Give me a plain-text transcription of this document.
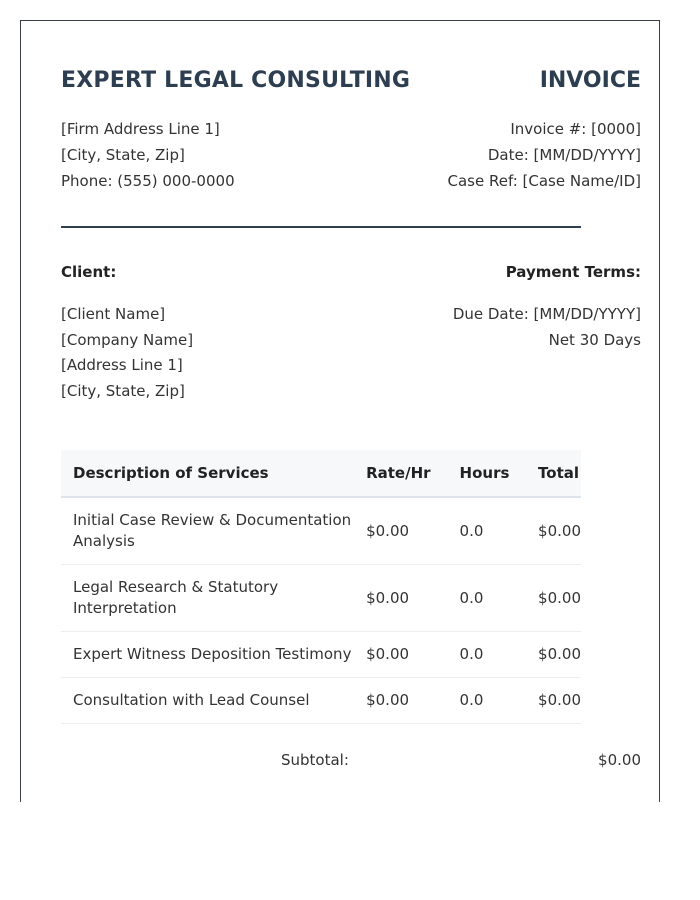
EXPERT LEGAL CONSULTING	INVOICE
[Firm Address Line 1]
[City, State, Zip]
Phone: (555) 000-0000
Invoice #: [0000]
Date: [MM/DD/YYYY]
Case Ref: [Case Name/ID]
Client:	Payment Terms:
[Client Name]
[Company Name]
[Address Line 1]
[City, State, Zip]
Due Date: [MM/DD/YYYY]
Net 30 Days
Description of Services	Rate/Hr	Hours	Total
Initial Case Review & Documentation Analysis	$0.00	0.0	$0.00
Legal Research & Statutory Interpretation	$0.00	0.0	$0.00
Expert Witness Deposition Testimony	$0.00	0.0	$0.00
Consultation with Lead Counsel	$0.00	0.0	$0.00
Subtotal:	$0.00
